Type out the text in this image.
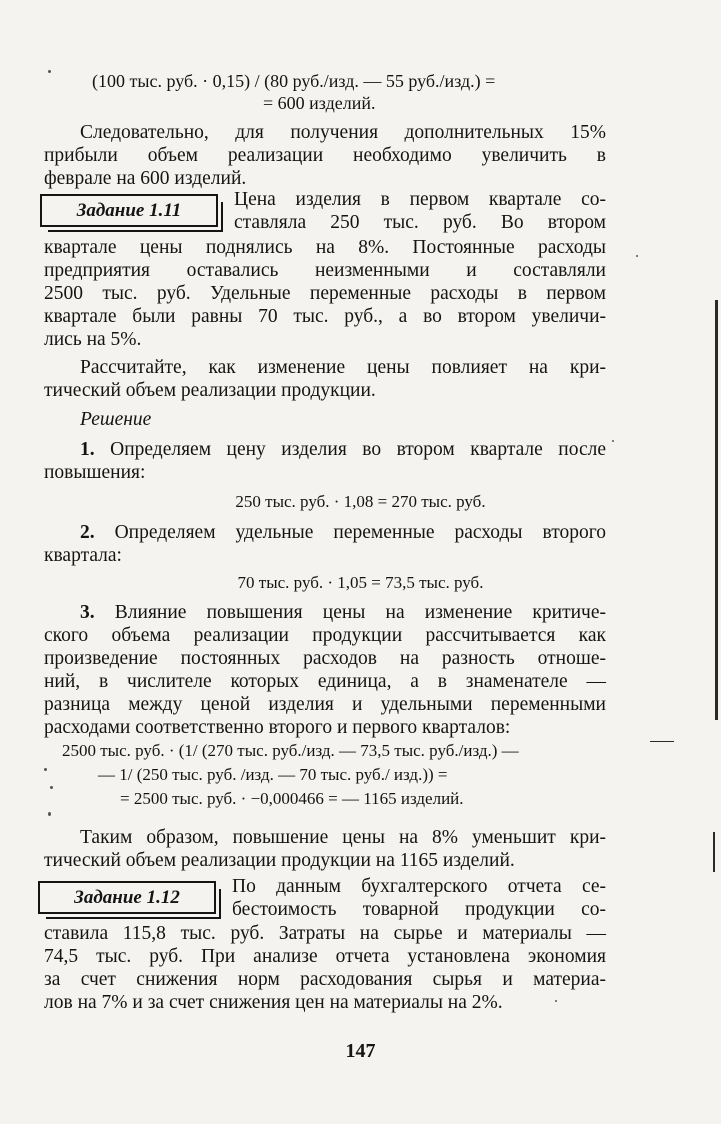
(100 тыс. руб. · 0,15) / (80 руб./изд. — 55 руб./изд.) =
= 600 изделий.
Следовательно, для получения дополнительных 15%
прибыли объем реализации необходимо увеличить в
феврале на 600 изделий.
Задание 1.11
Цена изделия в первом квартале со-
ставляла 250 тыс. руб. Во втором
квартале цены поднялись на 8%. Постоянные расходы
предприятия оставались неизменными и составляли
2500 тыс. руб. Удельные переменные расходы в первом
квартале были равны 70 тыс. руб., а во втором увеличи-
лись на 5%.
Рассчитайте, как изменение цены повлияет на кри-
тический объем реализации продукции.
Решение
1. Определяем цену изделия во втором квартале после
повышения:
250 тыс. руб. · 1,08 = 270 тыс. руб.
2. Определяем удельные переменные расходы второго
квартала:
70 тыс. руб. · 1,05 = 73,5 тыс. руб.
3. Влияние повышения цены на изменение критиче-
ского объема реализации продукции рассчитывается как
произведение постоянных расходов на разность отноше-
ний, в числителе которых единица, а в знаменателе —
разница между ценой изделия и удельными переменными
расходами соответственно второго и первого кварталов:
2500 тыс. руб. · (1/ (270 тыс. руб./изд. — 73,5 тыс. руб./изд.) —
— 1/ (250 тыс. руб. /изд. — 70 тыс. руб./ изд.)) =
= 2500 тыс. руб. · −0,000466 = — 1165 изделий.
Таким образом, повышение цены на 8% уменьшит кри-
тический объем реализации продукции на 1165 изделий.
Задание 1.12
По данным бухгалтерского отчета се-
бестоимость товарной продукции со-
ставила 115,8 тыс. руб. Затраты на сырье и материалы —
74,5 тыс. руб. При анализе отчета установлена экономия
за счет снижения норм расходования сырья и материа-
лов на 7% и за счет снижения цен на материалы на 2%.
147
